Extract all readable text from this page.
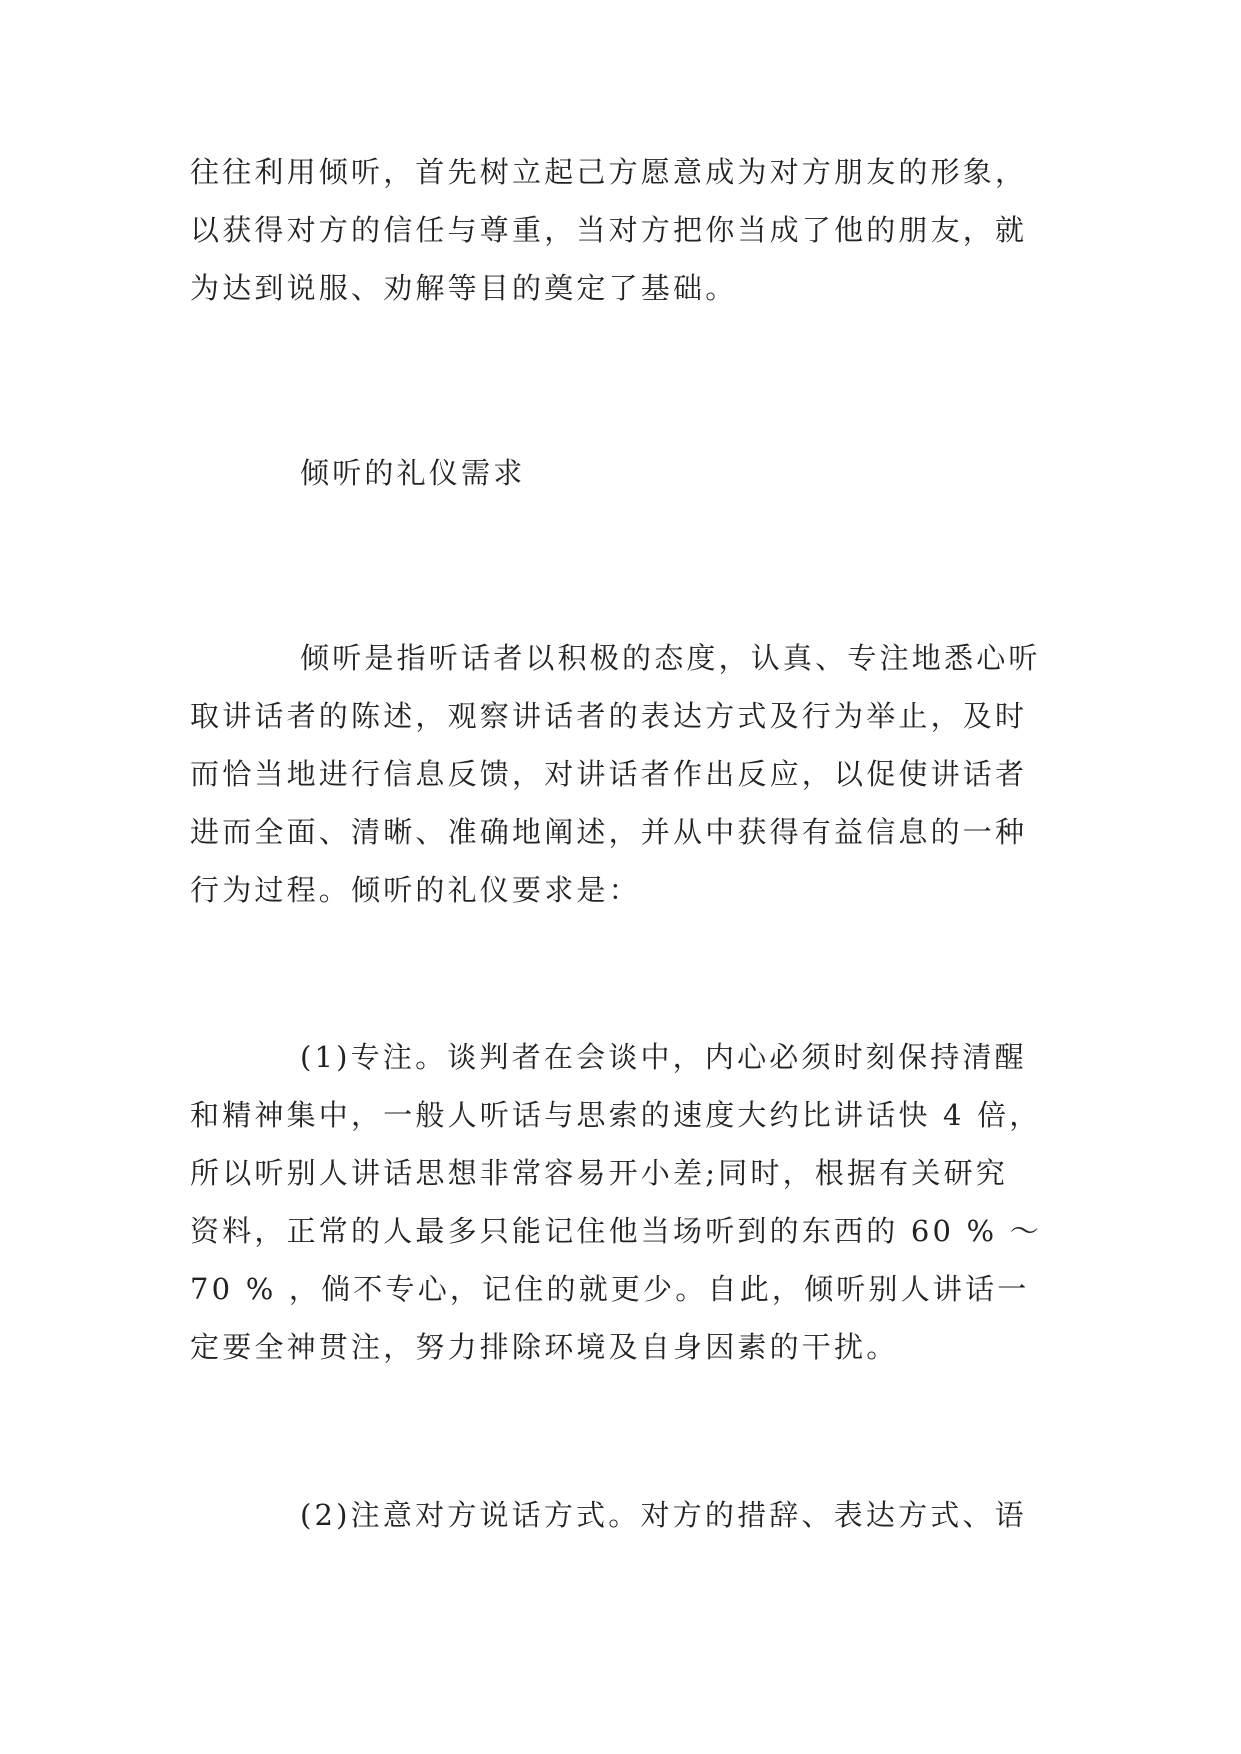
往往利用倾听，首先树立起己方愿意成为对方朋友的形象，
以获得对方的信任与尊重，当对方把你当成了他的朋友，就
为达到说服、劝解等目的奠定了基础。
倾听的礼仪需求
倾听是指听话者以积极的态度，认真、专注地悉心听
取讲话者的陈述，观察讲话者的表达方式及行为举止，及时
而恰当地进行信息反馈，对讲话者作出反应，以促使讲话者
进而全面、清晰、准确地阐述，并从中获得有益信息的一种
行为过程。倾听的礼仪要求是：
(1)专注。谈判者在会谈中，内心必须时刻保持清醒
和精神集中，一般人听话与思索的速度大约比讲话快 4 倍，
所以听别人讲话思想非常容易开小差;同时，根据有关研究
资料，正常的人最多只能记住他当场听到的东西的 60 % ～
70 % ，倘不专心，记住的就更少。自此，倾听别人讲话一
定要全神贯注，努力排除环境及自身因素的干扰。
(2)注意对方说话方式。对方的措辞、表达方式、语
